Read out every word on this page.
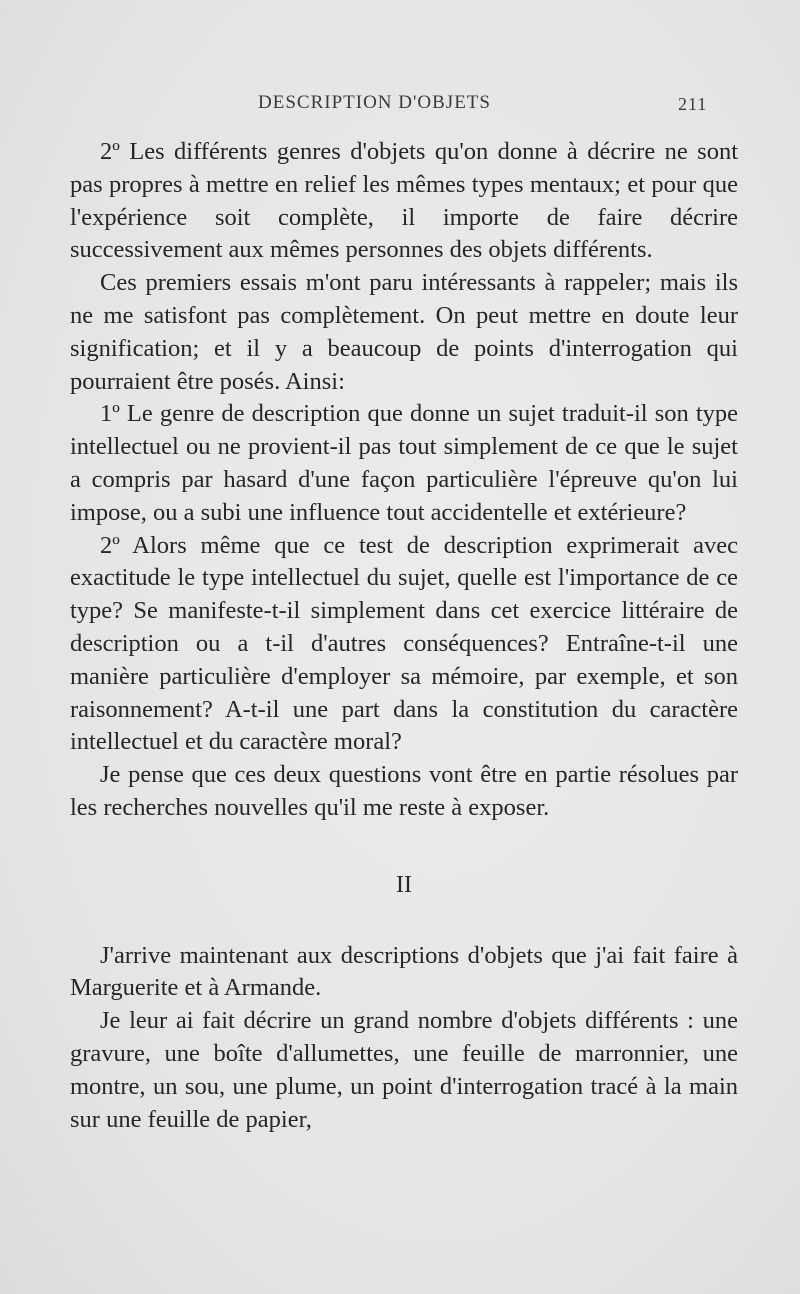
DESCRIPTION D'OBJETS	211

2º Les différents genres d'objets qu'on donne à décrire ne sont pas propres à mettre en relief les mêmes types mentaux; et pour que l'expérience soit complète, il importe de faire décrire successivement aux mêmes personnes des objets différents.

Ces premiers essais m'ont paru intéressants à rappeler; mais ils ne me satisfont pas complètement. On peut mettre en doute leur signification; et il y a beaucoup de points d'interrogation qui pourraient être posés. Ainsi:

1º Le genre de description que donne un sujet traduit-il son type intellectuel ou ne provient-il pas tout simplement de ce que le sujet a compris par hasard d'une façon particulière l'épreuve qu'on lui impose, ou a subi une influence tout accidentelle et extérieure?

2º Alors même que ce test de description exprimerait avec exactitude le type intellectuel du sujet, quelle est l'importance de ce type? Se manifeste-t-il simplement dans cet exercice littéraire de description ou a t-il d'autres conséquences? Entraîne-t-il une manière particulière d'employer sa mémoire, par exemple, et son raisonnement? A-t-il une part dans la constitution du caractère intellectuel et du caractère moral?

Je pense que ces deux questions vont être en partie résolues par les recherches nouvelles qu'il me reste à exposer.

II

J'arrive maintenant aux descriptions d'objets que j'ai fait faire à Marguerite et à Armande.

Je leur ai fait décrire un grand nombre d'objets différents : une gravure, une boîte d'allumettes, une feuille de marronnier, une montre, un sou, une plume, un point d'interrogation tracé à la main sur une feuille de papier,
